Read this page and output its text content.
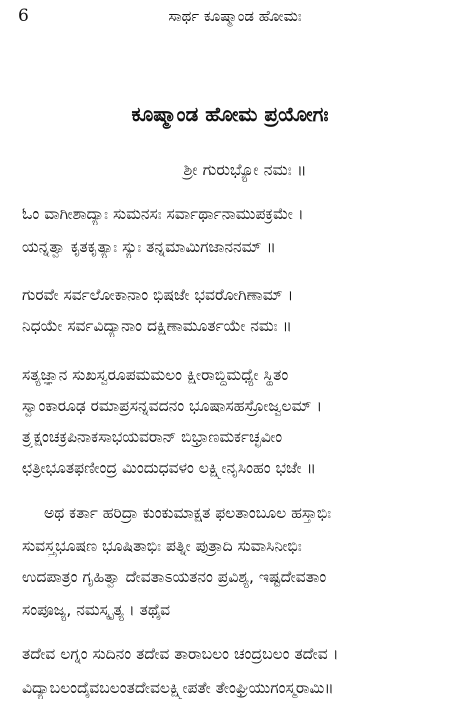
6	ಸಾರ್ಥ ಕೂಷ್ಮಾಂಡ ಹೋಮಃ
ಕೂಷ್ಮಾಂಡ ಹೋಮ ಪ್ರಯೋಗಃ
ಶ್ರೀ ಗುರುಭ್ಯೋ ನಮಃ ॥
ಓಂ ವಾಗೀಶಾದ್ಯಾಃ ಸುಮನಸಃ ಸರ್ವಾರ್ಥಾನಾಮುಪಕ್ರಮೇ ।
ಯನ್ನತ್ವಾ ಕೃತಕೃತ್ಯಾಃ ಸ್ಯುಃ ತನ್ನಮಾಮಿಗಜಾನನಮ್ ॥
ಗುರವೇ ಸರ್ವಲೋಕಾನಾಂ ಭಿಷಜೇ ಭವರೋಗಿಣಾಮ್ ।
ನಿಧಯೇ ಸರ್ವವಿದ್ಯಾನಾಂ ದಕ್ಷಿಣಾಮೂರ್ತಯೇ ನಮಃ ॥
ಸತ್ಯಜ್ಞಾನ ಸುಖಸ್ವರೂಪಮಮಲಂ ಕ್ಷೀರಾಬ್ಧಿಮಧ್ಯೇ ಸ್ಥಿತಂ
ಸ್ವಾಂಕಾರೂಢ ರಮಾಪ್ರಸನ್ನವದನಂ ಭೂಷಾಸಹಸ್ರೋಜ್ವಲಮ್ ।
ತ್ರ್ಯಕ್ಷಂಚಕ್ರಪಿನಾಕಸಾಭಯವರಾನ್ ಬಿಭ್ರಾಣಮರ್ಕಚ್ಛವೀಂ
ಛತ್ರೀಭೂತಫಣೀಂದ್ರ ಮಿಂದುಧವಳಂ ಲಕ್ಷ್ಮೀನೃಸಿಂಹಂ ಭಜೇ ॥
ಅಥ ಕರ್ತಾ ಹರಿದ್ರಾ ಕುಂಕುಮಾಕ್ಷತ ಫಲತಾಂಬೂಲ ಹಸ್ತಾಭಿಃ
ಸುವಸ್ತ್ರಭೂಷಣ ಭೂಷಿತಾಭಿಃ ಪತ್ನೀ ಪುತ್ರಾದಿ ಸುವಾಸಿನೀಭಿಃ
ಉದಪಾತ್ರಂ ಗೃಹಿತ್ವಾ ದೇವತಾಽಯತನಂ ಪ್ರವಿಶ್ಯ, ಇಷ್ಟದೇವತಾಂ
ಸಂಪೂಜ್ಯ, ನಮಸ್ಕೃತ್ಯ । ತಥೈವ
ತದೇವ ಲಗ್ನಂ ಸುದಿನಂ ತದೇವ ತಾರಾಬಲಂ ಚಂದ್ರಬಲಂ ತದೇವ ।
ವಿದ್ಯಾಬಲಂದೈವಬಲಂತದೇವಲಕ್ಷ್ಮೀಪತೇ ತೇಂಘ್ರಿಯುಗಂಸ್ಮರಾಮಿ॥
